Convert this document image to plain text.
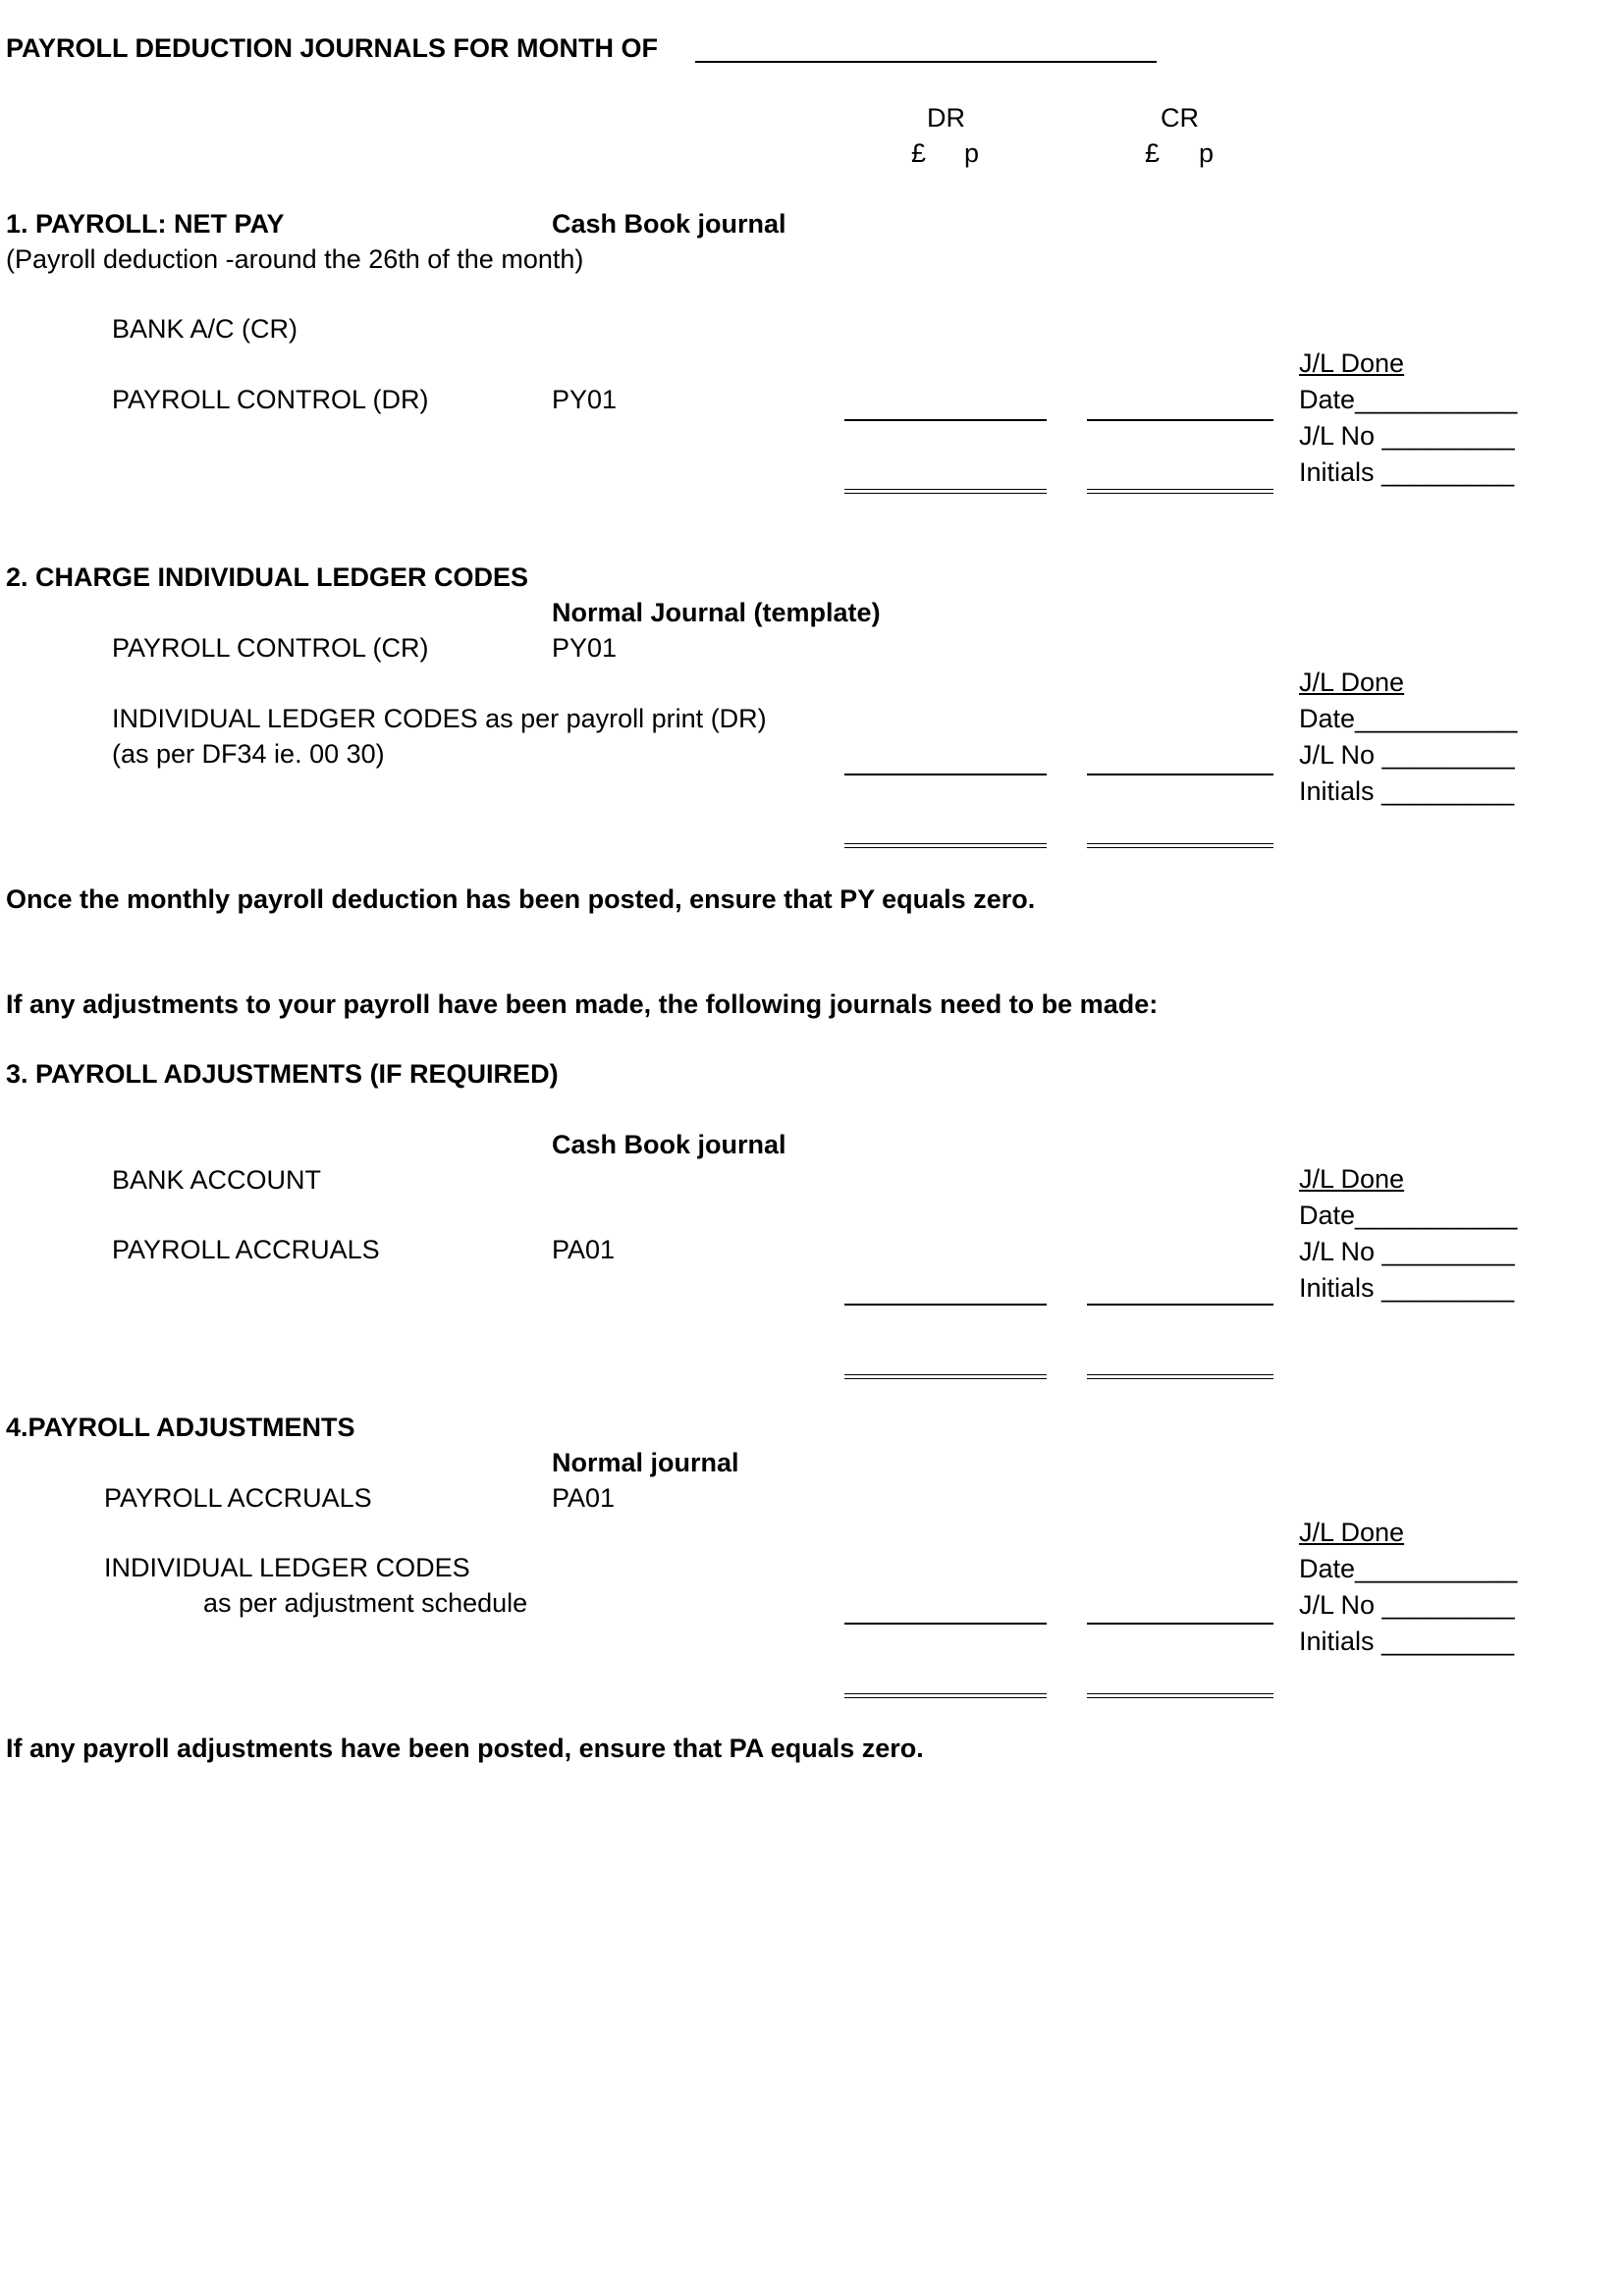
PAYROLL DEDUCTION JOURNALS FOR MONTH OF
DR
£ p
CR
£ p
1. PAYROLL: NET PAY	Cash Book journal
(Payroll deduction -around the 26th of the month)
BANK A/C (CR)
PAYROLL CONTROL (DR)	PY01
J/L Done
Date___________
J/L No _________
Initials _________
2. CHARGE INDIVIDUAL LEDGER CODES
Normal Journal (template)
PAYROLL CONTROL (CR)	PY01
INDIVIDUAL LEDGER CODES as per payroll print (DR)
(as per DF34 ie. 00 30)
J/L Done
Date___________
J/L No _________
Initials _________
Once the monthly payroll deduction has been posted, ensure that PY equals zero.
If any adjustments to your payroll have been made, the following journals need to be made:
3. PAYROLL ADJUSTMENTS (IF REQUIRED)
Cash Book journal
BANK ACCOUNT
PAYROLL ACCRUALS	PA01
J/L Done
Date___________
J/L No _________
Initials _________
4.PAYROLL ADJUSTMENTS
Normal journal
PAYROLL ACCRUALS	PA01
INDIVIDUAL LEDGER CODES
as per adjustment schedule
J/L Done
Date___________
J/L No _________
Initials _________
If any payroll adjustments have been posted, ensure that PA equals zero.
